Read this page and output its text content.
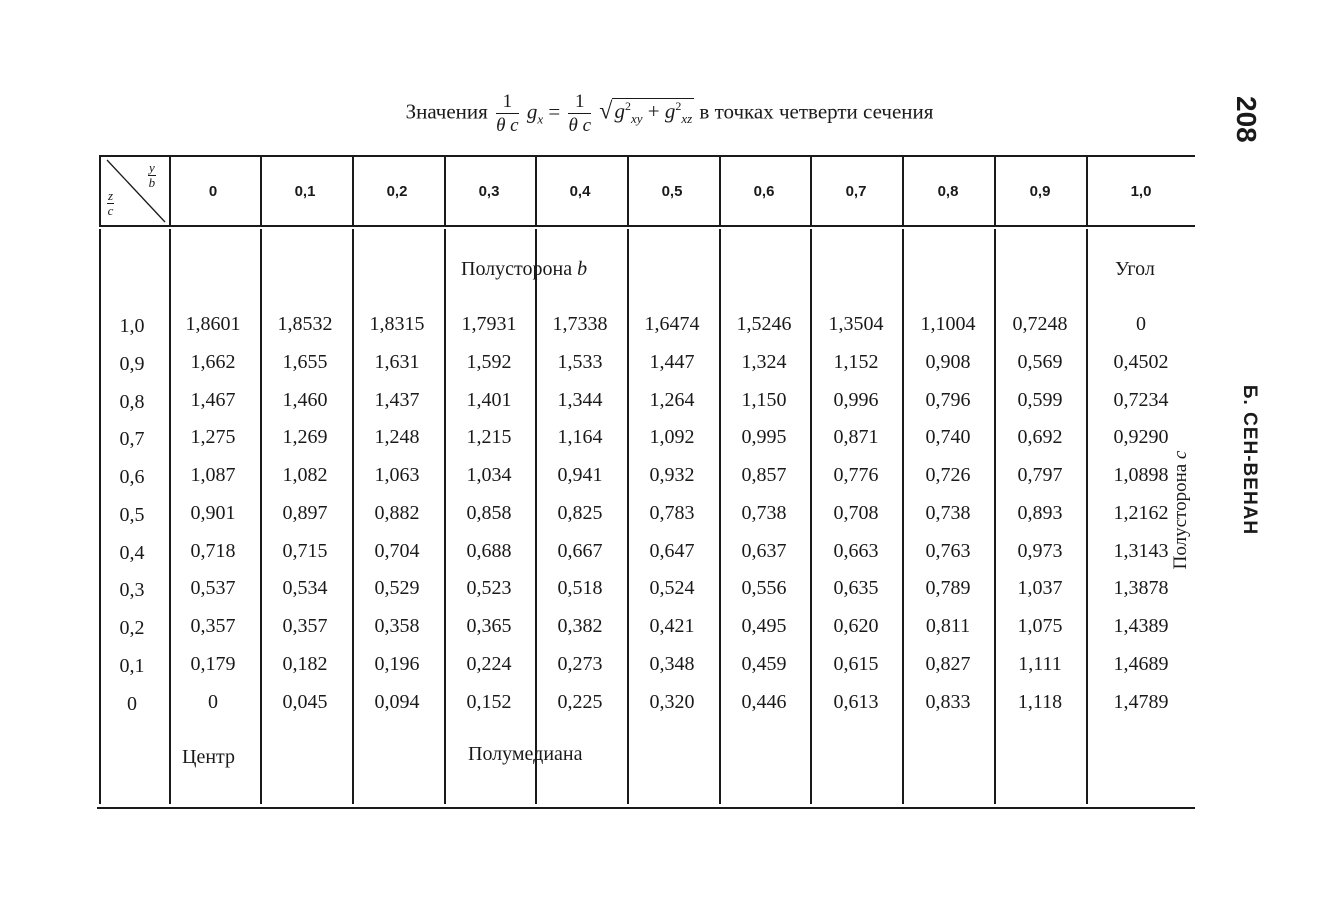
Значения $\frac{1}{\text{θ c}} g_x = \frac{1}{\text{θ c}} √g^2_{xy} + g^2_{xz}$ в точках четверти сечения	208
Б. СЕН-ВЕНАН
$\frac{y}{b}$
$\frac{z}{c}$	0	0,1	0,2	0,3	0,4	0,5	0,6	0,7	0,8	0,9	1,0
1,0	1,8601	1,8532	1,8315	1,7931	1,7338	1,6474	1,5246	1,3504	1,1004	0,7248	0
0,9	1,662	1,655	1,631	1,592	1,533	1,447	1,324	1,152	0,908	0,569	0,4502
0,8	1,467	1,460	1,437	1,401	1,344	1,264	1,150	0,996	0,796	0,599	0,7234
0,7	1,275	1,269	1,248	1,215	1,164	1,092	0,995	0,871	0,740	0,692	0,9290
0,6	1,087	1,082	1,063	1,034	0,941	0,932	0,857	0,776	0,726	0,797	1,0898
0,5	0,901	0,897	0,882	0,858	0,825	0,783	0,738	0,708	0,738	0,893	1,2162
0,4	0,718	0,715	0,704	0,688	0,667	0,647	0,637	0,663	0,763	0,973	1,3143
0,3	0,537	0,534	0,529	0,523	0,518	0,524	0,556	0,635	0,789	1,037	1,3878
0,2	0,357	0,357	0,358	0,365	0,382	0,421	0,495	0,620	0,811	1,075	1,4389
0,1	0,179	0,182	0,196	0,224	0,273	0,348	0,459	0,615	0,827	1,111	1,4689
0	0	0,045	0,094	0,152	0,225	0,320	0,446	0,613	0,833	1,118	1,4789
Полусторона b	Угол
Центр	Полумедиана
Полусторона c
